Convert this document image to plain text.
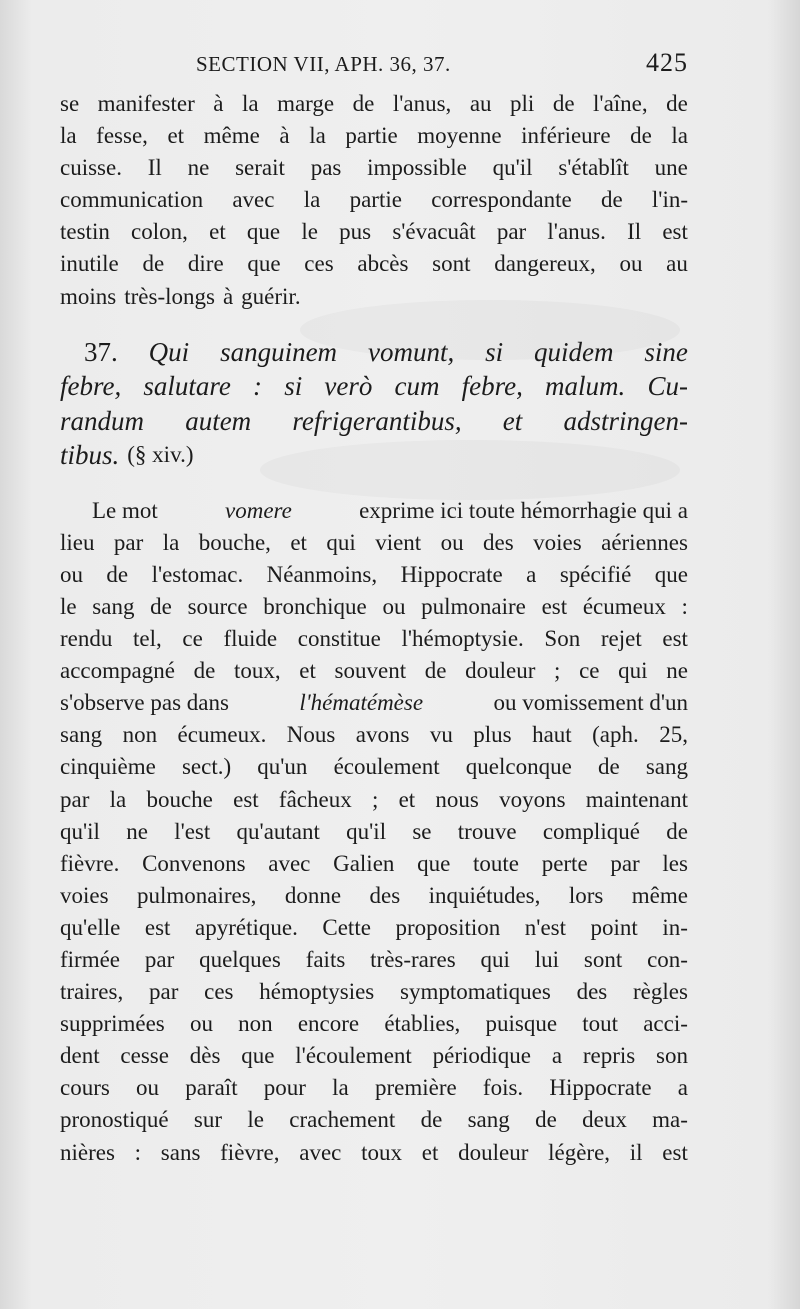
SECTION VII, APH. 36, 37.	425
se manifester à la marge de l'anus, au pli de l'aîne, de
la fesse, et même à la partie moyenne inférieure de la
cuisse. Il ne serait pas impossible qu'il s'établît une
communication avec la partie correspondante de l'in-
testin colon, et que le pus s'évacuât par l'anus. Il est
inutile de dire que ces abcès sont dangereux, ou au
moins très-longs à guérir.
37. Qui sanguinem vomunt, si quidem sine
febre, salutare : si verò cum febre, malum. Cu-
randum autem refrigerantibus, et adstringen-
tibus. (§ xiv.)
Le mot	vomere	exprime ici toute hémorrhagie qui a
lieu par la bouche, et qui vient ou des voies aériennes
ou de l'estomac. Néanmoins, Hippocrate a spécifié que
le sang de source bronchique ou pulmonaire est écumeux :
rendu tel, ce fluide constitue l'hémoptysie. Son rejet est
accompagné de toux, et souvent de douleur ; ce qui ne
s'observe pas dans	l'hématémèse	ou vomissement d'un
sang non écumeux. Nous avons vu plus haut (aph. 25,
cinquième sect.) qu'un écoulement quelconque de sang
par la bouche est fâcheux ; et nous voyons maintenant
qu'il ne l'est qu'autant qu'il se trouve compliqué de
fièvre. Convenons avec Galien que toute perte par les
voies pulmonaires, donne des inquiétudes, lors même
qu'elle est apyrétique. Cette proposition n'est point in-
firmée par quelques faits très-rares qui lui sont con-
traires, par ces hémoptysies symptomatiques des règles
supprimées ou non encore établies, puisque tout acci-
dent cesse dès que l'écoulement périodique a repris son
cours ou paraît pour la première fois. Hippocrate a
pronostiqué sur le crachement de sang de deux ma-
nières : sans fièvre, avec toux et douleur légère, il est
